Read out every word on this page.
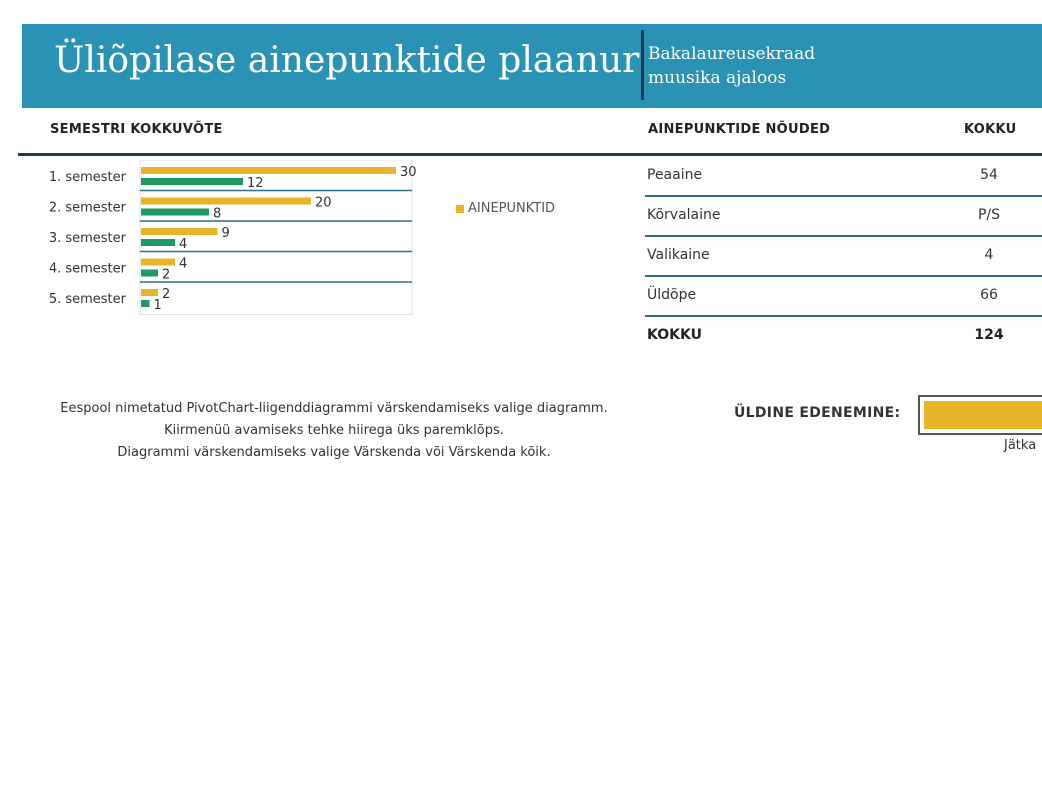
Üliõpilase ainepunktide plaanur Bakalaureusekraad
muusika ajaloos
SEMESTRI KOKKUVÕTE	AINEPUNKTIDE NÕUDED	KOKKU
1. semester	30
12
2. semester	20
8
3. semester	9
4
4. semester	4
2
5. semester	2
1
AINEPUNKTID
Peaaine	54
Kõrvalaine	P/S
Valikaine	4
Üldõpe	66
KOKKU	124
Eespool nimetatud PivotChart-liigenddiagrammi värskendamiseks valige diagramm.
Kiirmenüü avamiseks tehke hiirega üks paremklõps.
Diagrammi värskendamiseks valige Värskenda või Värskenda kõik.
ÜLDINE EDENEMINE:
Jätka
